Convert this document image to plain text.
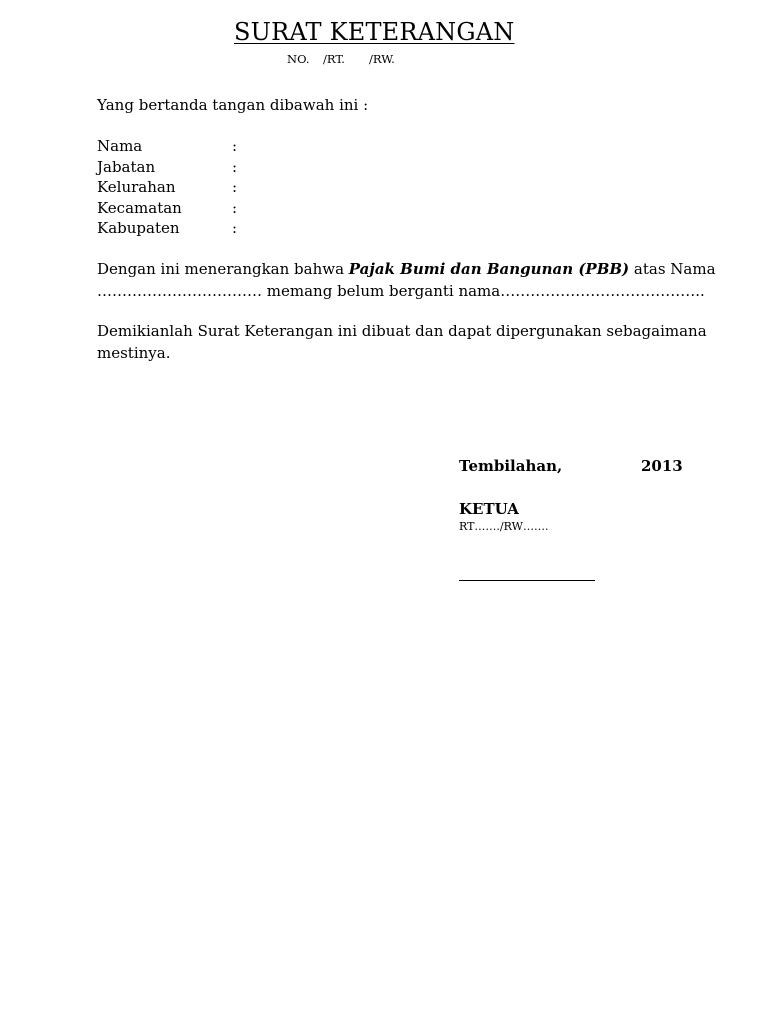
SURAT KETERANGAN
NO. /RT. /RW.
Yang bertanda tangan dibawah ini :
Nama	:
Jabatan	:
Kelurahan	:
Kecamatan	:
Kabupaten	:
Dengan ini menerangkan bahwa Pajak Bumi dan Bangunan (PBB) atas Nama
…………………………… memang belum berganti nama…………………………………..
Demikianlah Surat Keterangan ini dibuat dan dapat dipergunakan sebagaimana
mestinya.
Tembilahan,	2013
KETUA
RT……./RW…….
